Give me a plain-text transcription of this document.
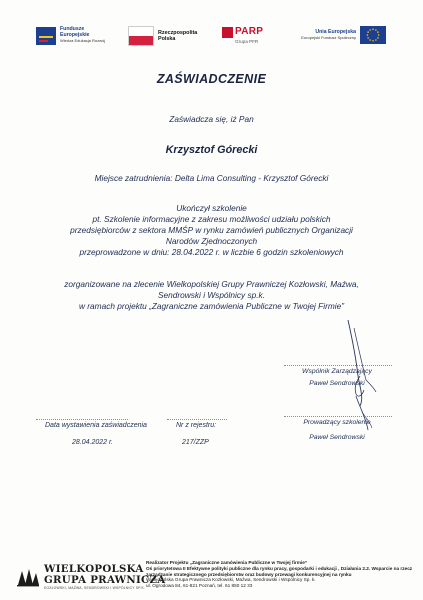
Fundusze
Europejskie
Wiedza Edukacja Rozwój
Rzeczpospolita
Polska
PARP
Grupa PFR
Unia Europejska
Europejski Fundusz Społeczny
ZAŚWIADCZENIE
Zaświadcza się, iż Pan
Krzysztof Górecki
Miejsce zatrudnienia: Delta Lima Consulting - Krzysztof Górecki
Ukończył szkolenie
pt. Szkolenie informacyjne z zakresu możliwości udziału polskich
przedsiębiorców z sektora MMŚP w rynku zamówień publicznych Organizacji
Narodów Zjednoczonych
przeprowadzone w dniu: 28.04.2022 r. w liczbie 6 godzin szkoleniowych
zorganizowane na zlecenie Wielkopolskiej Grupy Prawniczej Kozłowski, Maźwa,
Sendrowski i Wspólnicy sp.k.
w ramach projektu „Zagraniczne zamówienia Publiczne w Twojej Firmie”
Wspólnik Zarządzający
Paweł Sendrowski
Prowadzący szkolenie
Paweł Sendrowski
Data wystawienia zaświadczenia
28.04.2022 r.
Nr z rejestru:
217/ZZP
WIELKOPOLSKA
GRUPA PRAWNICZA
KOZŁOWSKI, MAŹWA, SENDROWSKI I WSPÓLNICY SP.K.
Realizator Projektu „Zagraniczne zamówienia Publiczne w Twojej firmie”
Oś priorytetowa II Efektywne polityki publiczne dla rynku pracy, gospodarki i edukacji , Działania 2.2. Wsparcie na rzecz
zarządzanie strategicznego przedsiębiorstw oraz budowy przewagi konkurencyjnej na rynku
Wielkopolska Grupa Prawnicza Kozłowski, Maźwa, Sendrowski i Wspólnicy Sp. k.
ul. Ogrodowa 84, 61-821 Poznań, tel. 61 850 12 33
